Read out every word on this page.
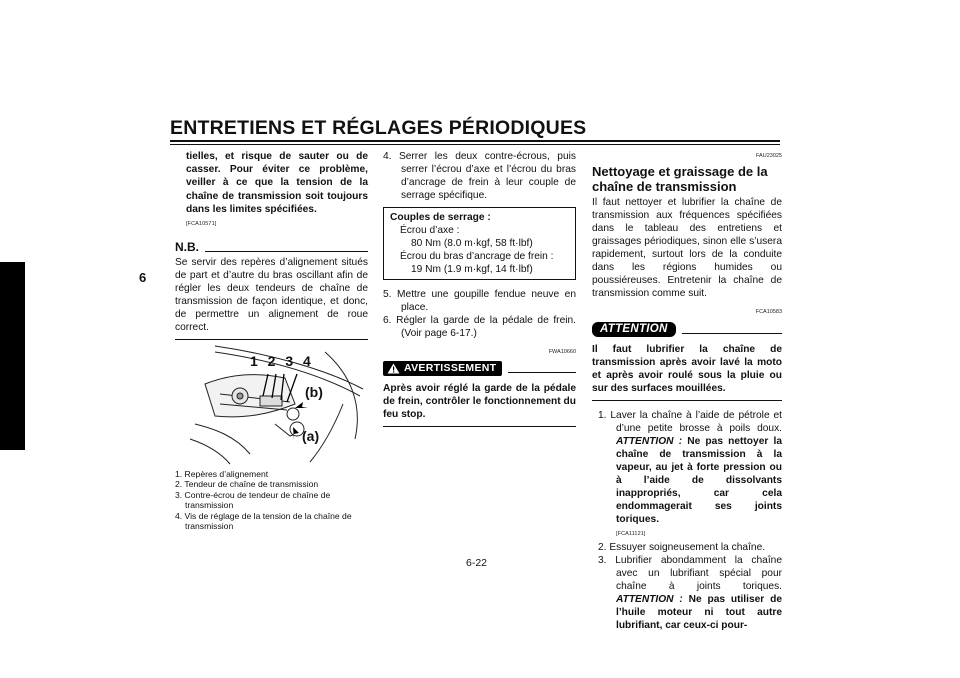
ENTRETIENS ET RÉGLAGES PÉRIODIQUES
6
tielles, et risque de sauter ou de casser. Pour éviter ce problème, veiller à ce que la tension de la chaîne de transmission soit toujours dans les limites spécifiées.
[FCA10571]
N.B.
Se servir des repères d’alignement situés de part et d’autre du bras oscillant afin de régler les deux tendeurs de chaîne de transmission de façon identique, et donc, de permettre un alignement de roue correct.
1 2 3 4
(b)
(a)
1. Repères d’alignement
2. Tendeur de chaîne de transmission
3. Contre-écrou de tendeur de chaîne de transmission
4. Vis de réglage de la tension de la chaîne de transmission
4. Serrer les deux contre-écrous, puis serrer l’écrou d’axe et l’écrou du bras d’ancrage de frein à leur couple de serrage spécifique.
Couples de serrage :
Écrou d’axe :
80 Nm (8.0 m·kgf, 58 ft·lbf)
Écrou du bras d’ancrage de frein :
19 Nm (1.9 m·kgf, 14 ft·lbf)
5. Mettre une goupille fendue neuve en place.
6. Régler la garde de la pédale de frein. (Voir page 6-17.)
FWA10660
AVERTISSEMENT
Après avoir réglé la garde de la pédale de frein, contrôler le fonctionnement du feu stop.
FAU23025
Nettoyage et graissage de la chaîne de transmission
Il faut nettoyer et lubrifier la chaîne de transmission aux fréquences spécifiées dans le tableau des entretiens et graissages périodiques, sinon elle s’usera rapidement, surtout lors de la conduite dans les régions humides ou poussiéreuses. Entretenir la chaîne de transmission comme suit.
FCA10583
ATTENTION
Il faut lubrifier la chaîne de transmission après avoir lavé la moto et après avoir roulé sous la pluie ou sur des surfaces mouillées.
1. Laver la chaîne à l’aide de pétrole et d’une petite brosse à poils doux. ATTENTION : Ne pas nettoyer la chaîne de transmission à la vapeur, au jet à forte pression ou à l’aide de dissolvants inappropriés, car cela endommagerait ses joints toriques.
[FCA11121]
2. Essuyer soigneusement la chaîne.
3. Lubrifier abondamment la chaîne avec un lubrifiant spécial pour chaîne à joints toriques. ATTENTION : Ne pas utiliser de l’huile moteur ni tout autre lubrifiant, car ceux-ci pour-
6-22
